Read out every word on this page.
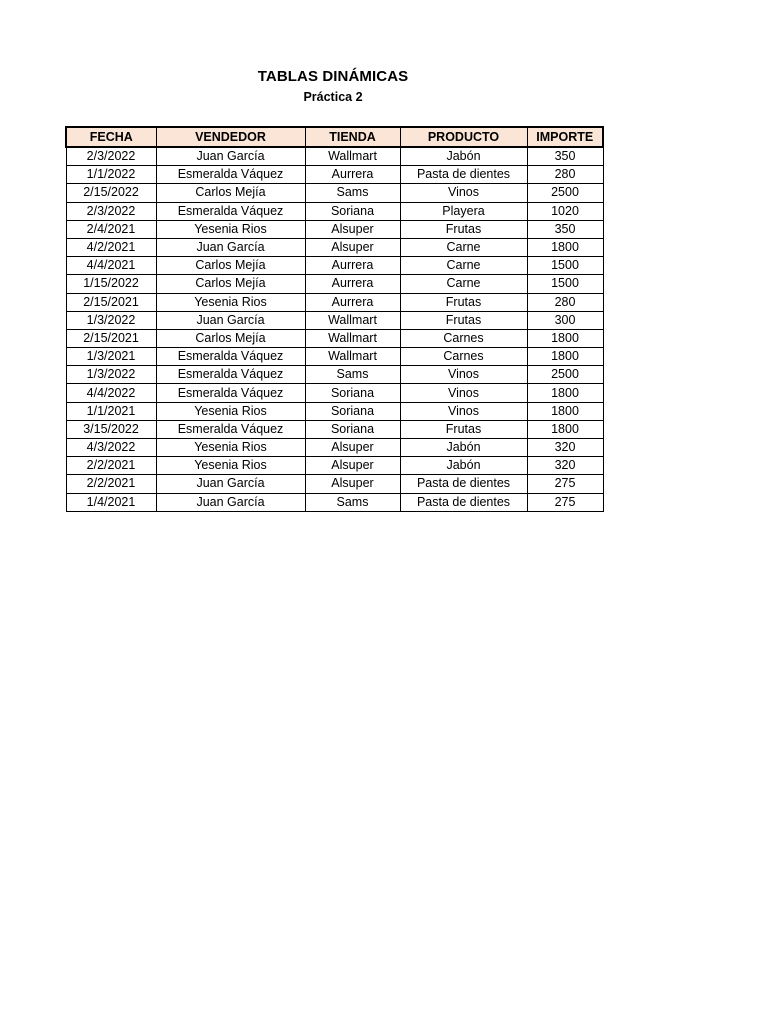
TABLAS DINÁMICAS
Práctica 2
FECHA	VENDEDOR	TIENDA	PRODUCTO	IMPORTE
2/3/2022	Juan García	Wallmart	Jabón	350
1/1/2022	Esmeralda Váquez	Aurrera	Pasta de dientes	280
2/15/2022	Carlos Mejía	Sams	Vinos	2500
2/3/2022	Esmeralda Váquez	Soriana	Playera	1020
2/4/2021	Yesenia Rios	Alsuper	Frutas	350
4/2/2021	Juan García	Alsuper	Carne	1800
4/4/2021	Carlos Mejía	Aurrera	Carne	1500
1/15/2022	Carlos Mejía	Aurrera	Carne	1500
2/15/2021	Yesenia Rios	Aurrera	Frutas	280
1/3/2022	Juan García	Wallmart	Frutas	300
2/15/2021	Carlos Mejía	Wallmart	Carnes	1800
1/3/2021	Esmeralda Váquez	Wallmart	Carnes	1800
1/3/2022	Esmeralda Váquez	Sams	Vinos	2500
4/4/2022	Esmeralda Váquez	Soriana	Vinos	1800
1/1/2021	Yesenia Rios	Soriana	Vinos	1800
3/15/2022	Esmeralda Váquez	Soriana	Frutas	1800
4/3/2022	Yesenia Rios	Alsuper	Jabón	320
2/2/2021	Yesenia Rios	Alsuper	Jabón	320
2/2/2021	Juan García	Alsuper	Pasta de dientes	275
1/4/2021	Juan García	Sams	Pasta de dientes	275
